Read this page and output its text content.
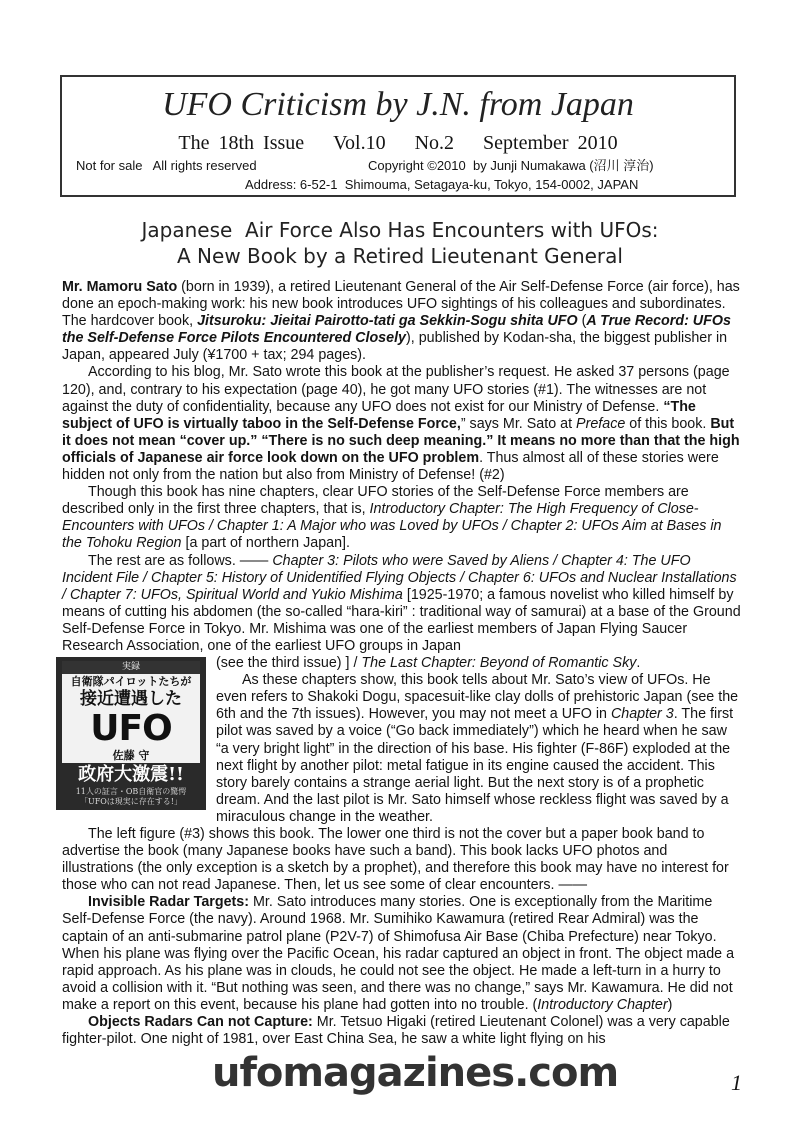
UFO Criticism by J.N. from Japan
The 18th Issue Vol.10 No.2 September 2010
Not for sale   All rights reserved	Copyright ©2010  by Junji Numakawa (沼川 淳治)
Address: 6-52-1  Shimouma, Setagaya-ku, Tokyo, 154-0002, JAPAN
Japanese  Air Force Also Has Encounters with UFOs:
A New Book by a Retired Lieutenant General

Mr. Mamoru Sato (born in 1939), a retired Lieutenant General of the Air Self-Defense Force (air force), has done an epoch-making work: his new book introduces UFO sightings of his colleagues and subordinates. The hardcover book, Jitsuroku: Jieitai Pairotto-tati ga Sekkin-Sogu shita UFO (A True Record: UFOs the Self-Defense Force Pilots Encountered Closely), published by Kodan-sha, the biggest publisher in Japan, appeared July (¥1700 + tax; 294 pages).

According to his blog, Mr. Sato wrote this book at the publisher’s request. He asked 37 persons (page 120), and, contrary to his expectation (page 40), he got many UFO stories (#1). The witnesses are not against the duty of confidentiality, because any UFO does not exist for our Ministry of Defense. “The subject of UFO is virtually taboo in the Self-Defense Force,” says Mr. Sato at Preface of this book. But it does not mean “cover up.” “There is no such deep meaning.” It means no more than that the high officials of Japanese air force look down on the UFO problem. Thus almost all of these stories were hidden not only from the nation but also from Ministry of Defense! (#2)

Though this book has nine chapters, clear UFO stories of the Self-Defense Force members are described only in the first three chapters, that is, Introductory Chapter: The High Frequency of Close-Encounters with UFOs / Chapter 1: A Major who was Loved by UFOs / Chapter 2: UFOs Aim at Bases in the Tohoku Region [a part of northern Japan].

The rest are as follows. ―― Chapter 3: Pilots who were Saved by Aliens / Chapter 4: The UFO Incident File / Chapter 5: History of Unidentified Flying Objects / Chapter 6: UFOs and Nuclear Installations / Chapter 7: UFOs, Spiritual World and Yukio Mishima [1925-1970; a famous novelist who killed himself by means of cutting his abdomen (the so-called “hara-kiri” : traditional way of samurai) at a base of the Ground Self-Defense Force in Tokyo. Mr. Mishima was one of the earliest members of Japan Flying Saucer Research Association, one of the earliest UFO groups in Japan

実録
自衛隊パイロットたちが
接近遭遇した
UFO
佐藤 守
政府大激震!!
11人の証言・OB自衛官の驚愕
「UFOは現実に存在する!」
(see the third issue) ] / The Last Chapter: Beyond of Romantic Sky.

As these chapters show, this book tells about Mr. Sato’s view of UFOs. He even refers to Shakoki Dogu, spacesuit-like clay dolls of prehistoric Japan (see the 6th and the 7th issues). However, you may not meet a UFO in Chapter 3. The first pilot was saved by a voice (“Go back immediately”) which he heard when he saw “a very bright light” in the direction of his base. His fighter (F-86F) exploded at the next flight by another pilot: metal fatigue in its engine caused the accident. This story barely contains a strange aerial light. But the next story is of a prophetic dream. And the last pilot is Mr. Sato himself whose reckless flight was saved by a miraculous change in the weather.

The left figure (#3) shows this book. The lower one third is not the cover but a paper book band to advertise the book (many Japanese books have such a band). This book lacks UFO photos and illustrations (the only exception is a sketch by a prophet), and therefore this book may have no interest for those who can not read Japanese. Then, let us see some of clear encounters. ――

Invisible Radar Targets: Mr. Sato introduces many stories. One is exceptionally from the Maritime Self-Defense Force (the navy). Around 1968. Mr. Sumihiko Kawamura (retired Rear Admiral) was the captain of an anti-submarine patrol plane (P2V-7) of Shimofusa Air Base (Chiba Prefecture) near Tokyo. When his plane was flying over the Pacific Ocean, his radar captured an object in front. The object made a rapid approach. As his plane was in clouds, he could not see the object. He made a left-turn in a hurry to avoid a collision with it. “But nothing was seen, and there was no change,” says Mr. Kawamura. He did not make a report on this event, because his plane had gotten into no trouble. (Introductory Chapter)

Objects Radars Can not Capture: Mr. Tetsuo Higaki (retired Lieutenant Colonel) was a very capable fighter-pilot. One night of 1981, over East China Sea, he saw a white light flying on his

ufomagazines.com	1
